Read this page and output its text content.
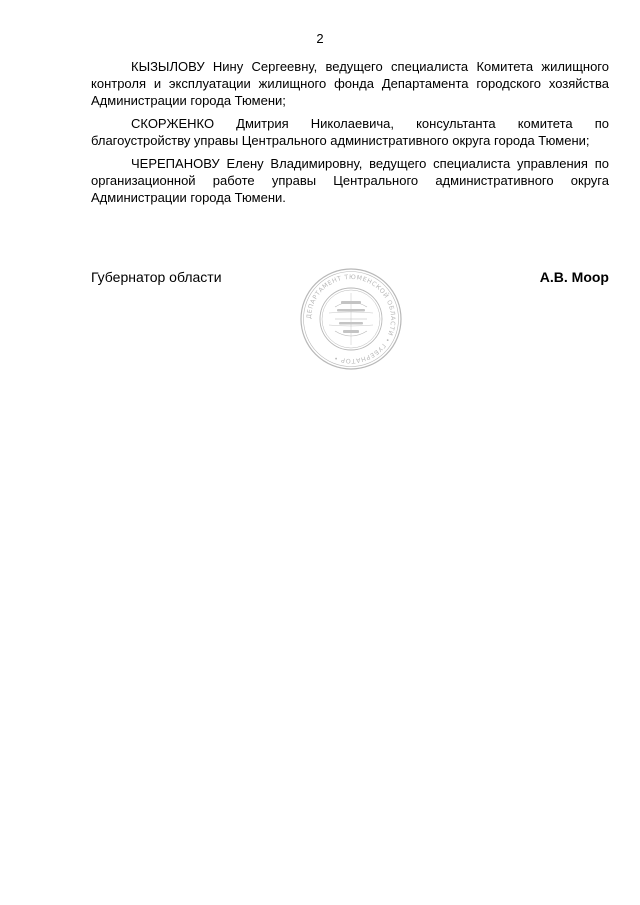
2

КЫЗЫЛОВУ Нину Сергеевну, ведущего специалиста Комитета жилищного контроля и эксплуатации жилищного фонда Департамента городского хозяйства Администрации города Тюмени;

СКОРЖЕНКО Дмитрия Николаевича, консультанта комитета по благоустройству управы Центрального административного округа города Тюмени;

ЧЕРЕПАНОВУ Елену Владимировну, ведущего специалиста управления по организационной работе управы Центрального административного округа Администрации города Тюмени.

Губернатор области	А.В. Моор
ДЕПАРТАМЕНТ ТЮМЕНСКОЙ ОБЛАСТИ • ГУБЕРНАТОР •
